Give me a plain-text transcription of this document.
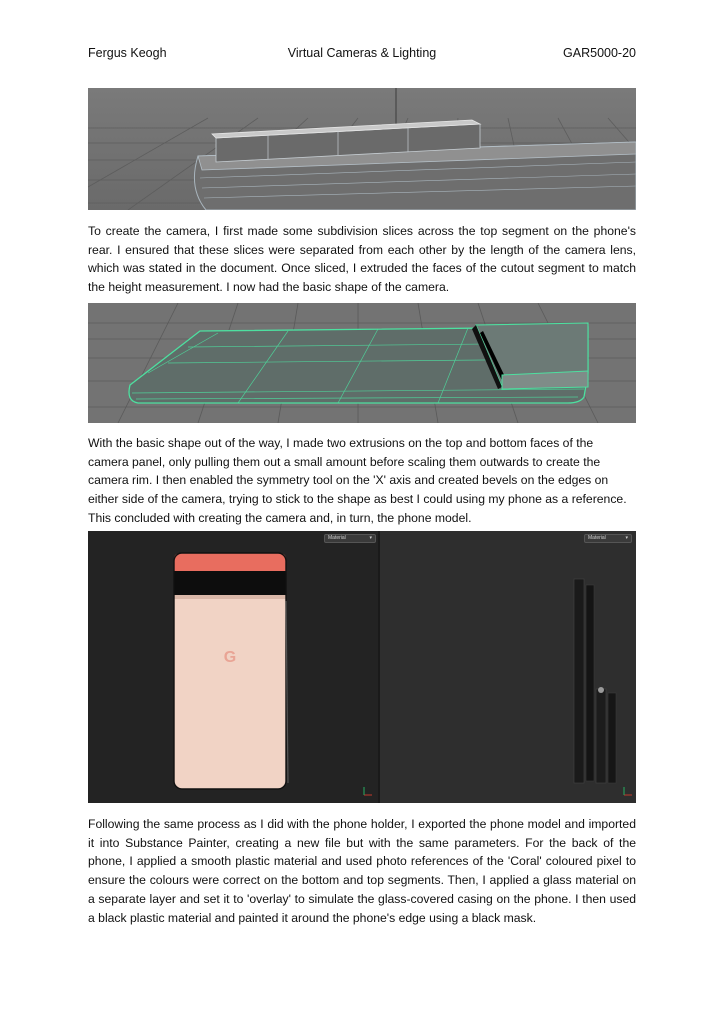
Fergus Keogh	Virtual Cameras & Lighting	GAR5000-20
To create the camera, I first made some subdivision slices across the top segment on the phone's rear. I ensured that these slices were separated from each other by the length of the camera lens, which was stated in the document. Once sliced, I extruded the faces of the cutout segment to match the height measurement. I now had the basic shape of the camera.
With the basic shape out of the way, I made two extrusions on the top and bottom faces of the camera panel, only pulling them out a small amount before scaling them outwards to create the camera rim. I then enabled the symmetry tool on the 'X' axis and created bevels on the edges on either side of the camera, trying to stick to the shape as best I could using my phone as a reference. This concluded with creating the camera and, in turn, the phone model.
Material	▾	Material	▾
G
Following the same process as I did with the phone holder, I exported the phone model and imported it into Substance Painter, creating a new file but with the same parameters. For the back of the phone, I applied a smooth plastic material and used photo references of the 'Coral' coloured pixel to ensure the colours were correct on the bottom and top segments. Then, I applied a glass material on a separate layer and set it to 'overlay' to simulate the glass-covered casing on the phone. I then used a black plastic material and painted it around the phone's edge using a black mask.
